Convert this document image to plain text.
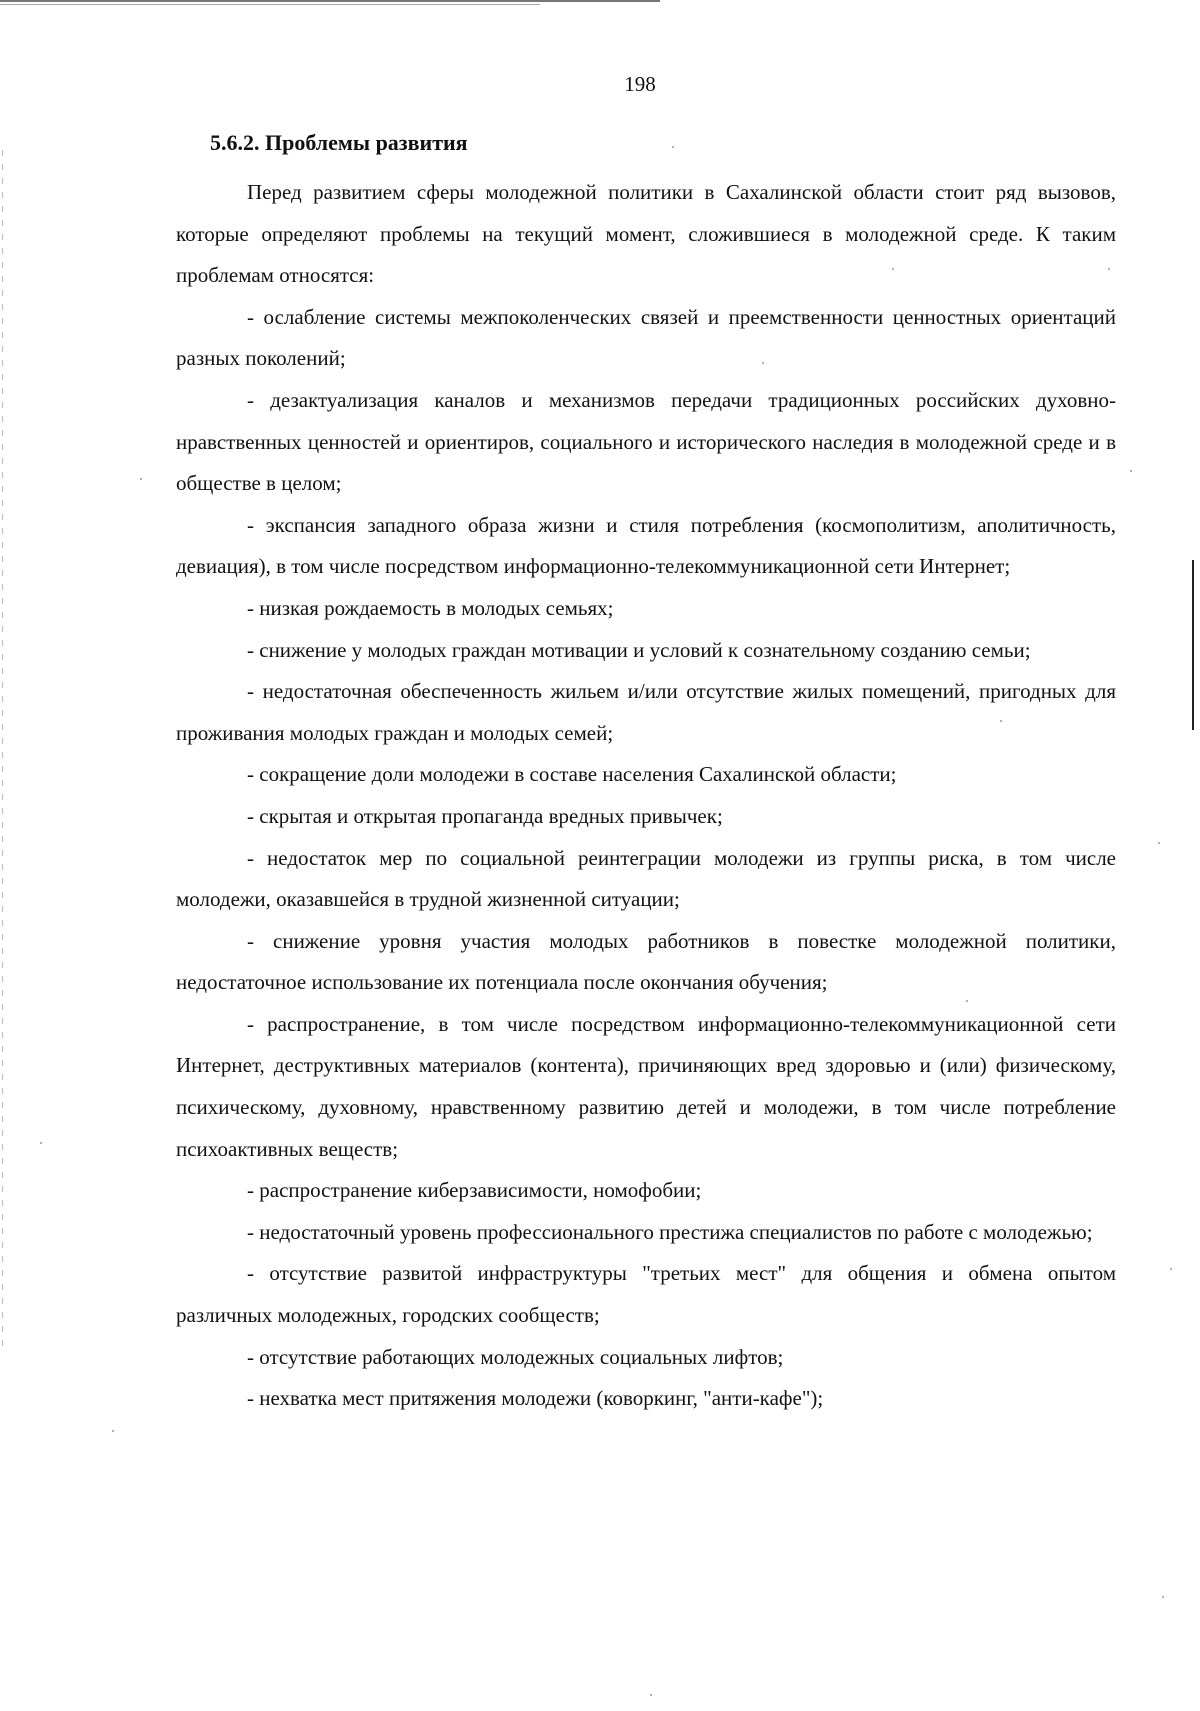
198
5.6.2. Проблемы развития

Перед развитием сферы молодежной политики в Сахалинской области стоит ряд вызовов, которые определяют проблемы на текущий момент, сложившиеся в молодежной среде. К таким проблемам относятся:

- ослабление системы межпоколенческих связей и преемственности ценностных ориентаций разных поколений;

- дезактуализация каналов и механизмов передачи традиционных российских духовно-нравственных ценностей и ориентиров, социального и исторического наследия в молодежной среде и в обществе в целом;

- экспансия западного образа жизни и стиля потребления (космополитизм, аполитичность, девиация), в том числе посредством информационно-телекоммуникационной сети Интернет;

- низкая рождаемость в молодых семьях;

- снижение у молодых граждан мотивации и условий к сознательному созданию семьи;

- недостаточная обеспеченность жильем и/или отсутствие жилых помещений, пригодных для проживания молодых граждан и молодых семей;

- сокращение доли молодежи в составе населения Сахалинской области;

- скрытая и открытая пропаганда вредных привычек;

- недостаток мер по социальной реинтеграции молодежи из группы риска, в том числе молодежи, оказавшейся в трудной жизненной ситуации;

- снижение уровня участия молодых работников в повестке молодежной политики, недостаточное использование их потенциала после окончания обучения;

- распространение, в том числе посредством информационно-телекоммуникационной сети Интернет, деструктивных материалов (контента), причиняющих вред здоровью и (или) физическому, психическому, духовному, нравственному развитию детей и молодежи, в том числе потребление психоактивных веществ;

- распространение киберзависимости, номофобии;

- недостаточный уровень профессионального престижа специалистов по работе с молодежью;

- отсутствие развитой инфраструктуры "третьих мест" для общения и обмена опытом различных молодежных, городских сообществ;

- отсутствие работающих молодежных социальных лифтов;

- нехватка мест притяжения молодежи (коворкинг, "анти-кафе");
